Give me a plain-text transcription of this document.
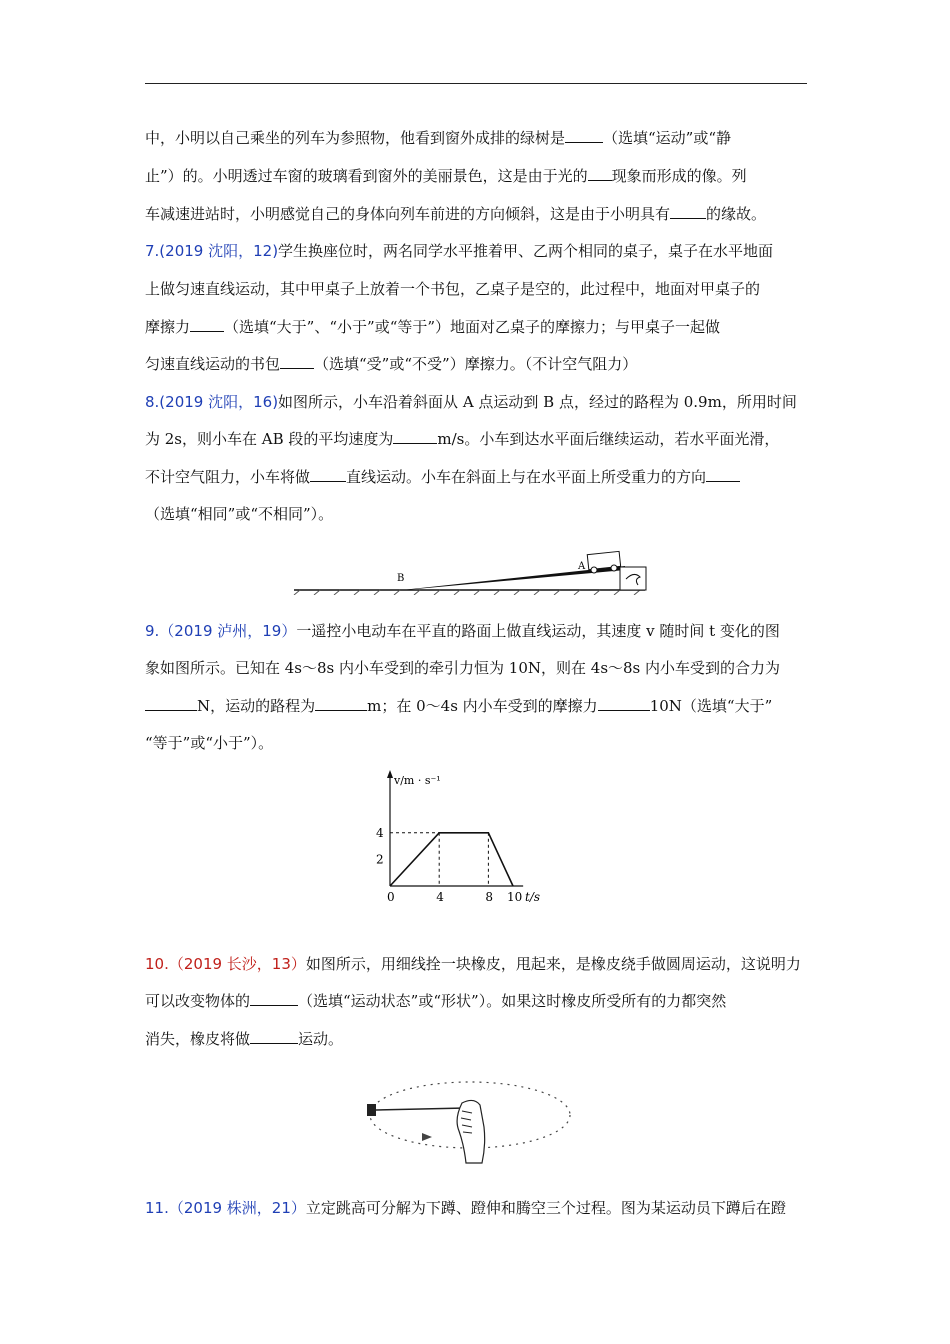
中，小明以自己乘坐的列车为参照物，他看到窗外成排的绿树是	（选填“运动”或“静
止”）的。小明透过车窗的玻璃看到窗外的美丽景色，这是由于光的 现象而形成的像。列
车减速进站时，小明感觉自己的身体向列车前进的方向倾斜，这是由于小明具有 的缘故。
7.(2019 沈阳，12)学生换座位时，两名同学水平推着甲、乙两个相同的桌子，桌子在水平地面
上做匀速直线运动，其中甲桌子上放着一个书包，乙桌子是空的，此过程中，地面对甲桌子的
摩擦力 （选填“大于”、“小于”或“等于”）地面对乙桌子的摩擦力；与甲桌子一起做
匀速直线运动的书包 （选填“受”或“不受”）摩擦力。（不计空气阻力）
8.(2019 沈阳，16)如图所示，小车沿着斜面从 A 点运动到 B 点，经过的路程为 0.9m，所用时间
为 2s，则小车在 AB 段的平均速度为	m/s。小车到达水平面后继续运动，若水平面光滑，
不计空气阻力，小车将做 直线运动。小车在斜面上与在水平面上所受重力的方向
（选填“相同”或“不相同”）。
A
B
9.（2019 泸州，19）一遥控小电动车在平直的路面上做直线运动，其速度 v 随时间 t 变化的图
象如图所示。已知在 4s～8s 内小车受到的牵引力恒为 10N，则在 4s～8s 内小车受到的合力为
N，运动的路程为	m；在 0～4s 内小车受到的摩擦力	10N（选填“大于”
“等于”或“小于”）。
v/m · s⁻¹
t/s
2
4
0	4	8 10
10.（2019 长沙，13）如图所示，用细线拴一块橡皮，甩起来，是橡皮绕手做圆周运动，这说明力
可以改变物体的	（选填“运动状态”或“形状”）。如果这时橡皮所受所有的力都突然
消失，橡皮将做	运动。
11.（2019 株洲，21）立定跳高可分解为下蹲、蹬伸和腾空三个过程。图为某运动员下蹲后在蹬
